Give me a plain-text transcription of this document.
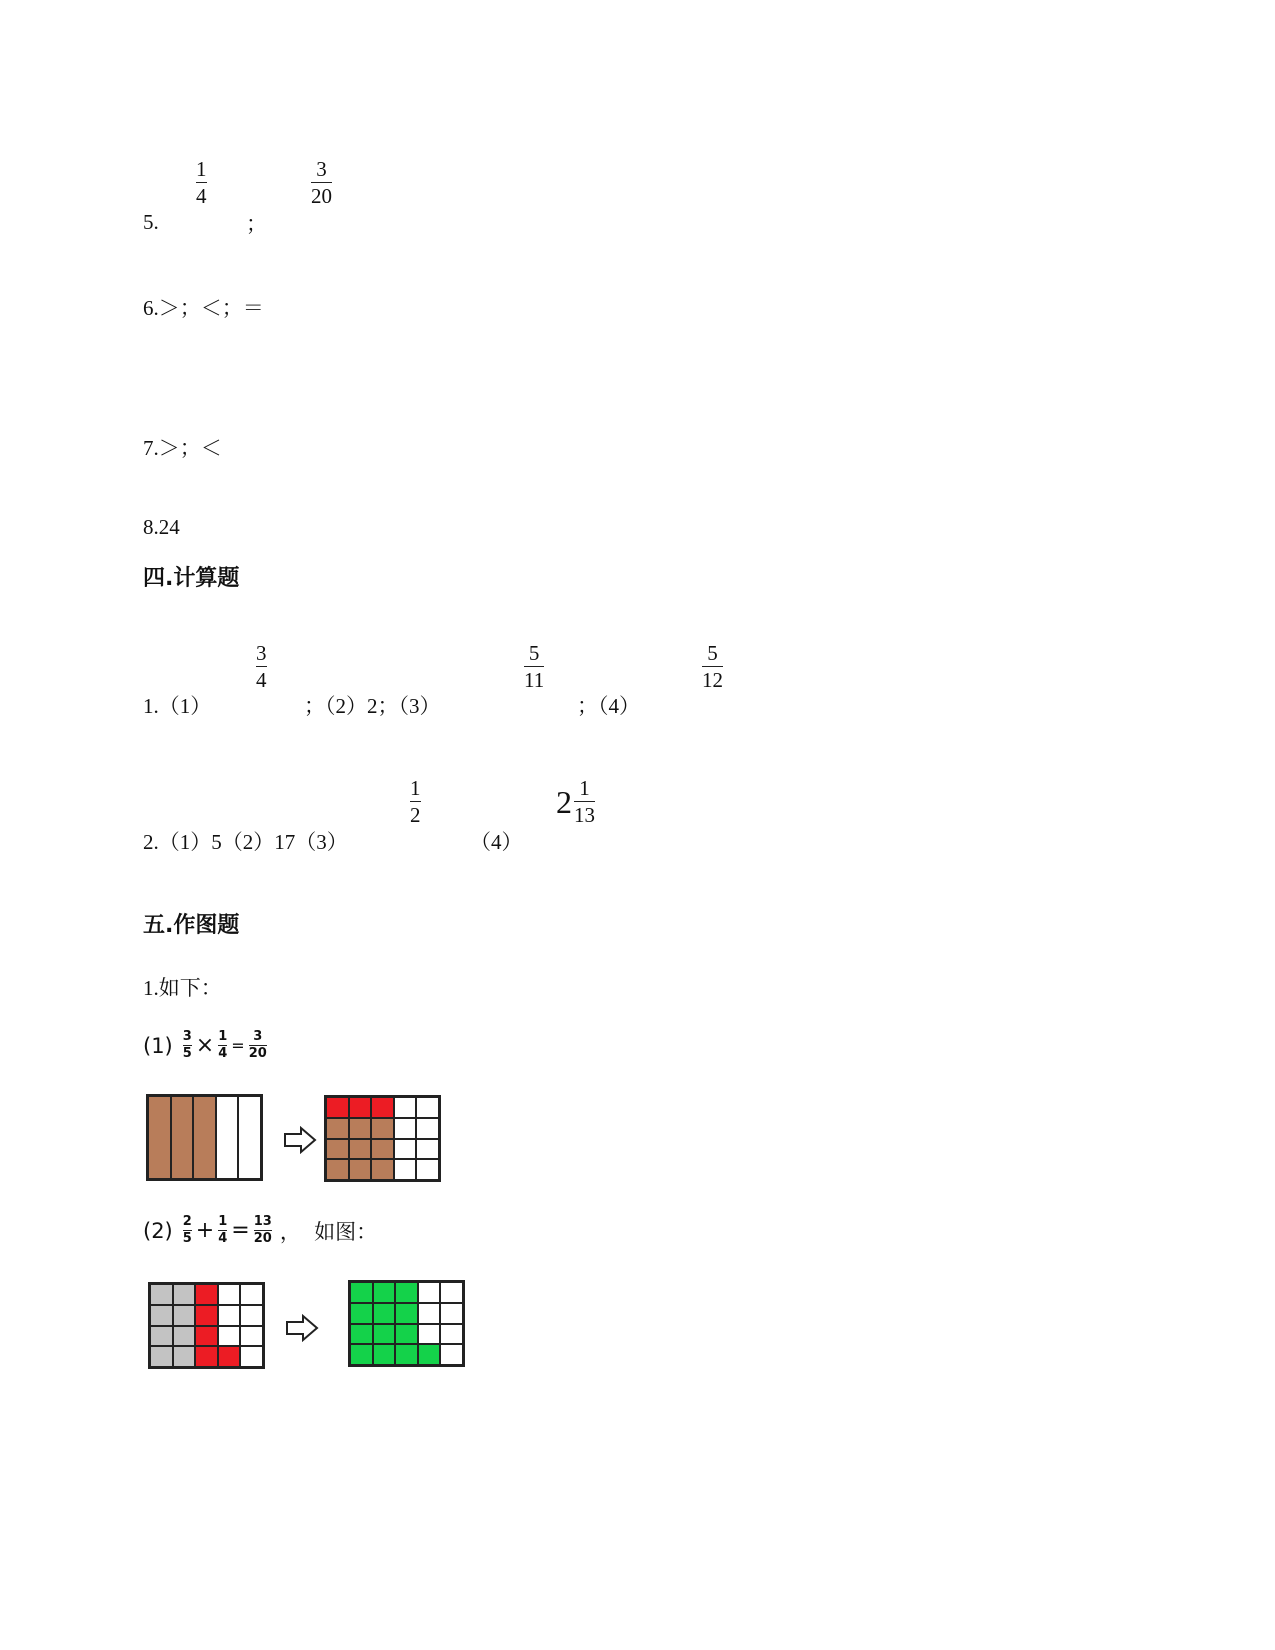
5.
1
4
；
3
20
6.＞；＜；＝
7.＞；＜
8.24
四.计算题
1.（1）
3
4
；（2）2；（3）
5
11
；（4）
5
12
2.（1）5（2）17（3）
1
2
（4）
$2 \frac{1}{13}$
五.作图题
1.如下：
(1) 3
5 × 1
4 = 3
20
(2) 2
5 + 1
4 = 13
20 ，  如图：
